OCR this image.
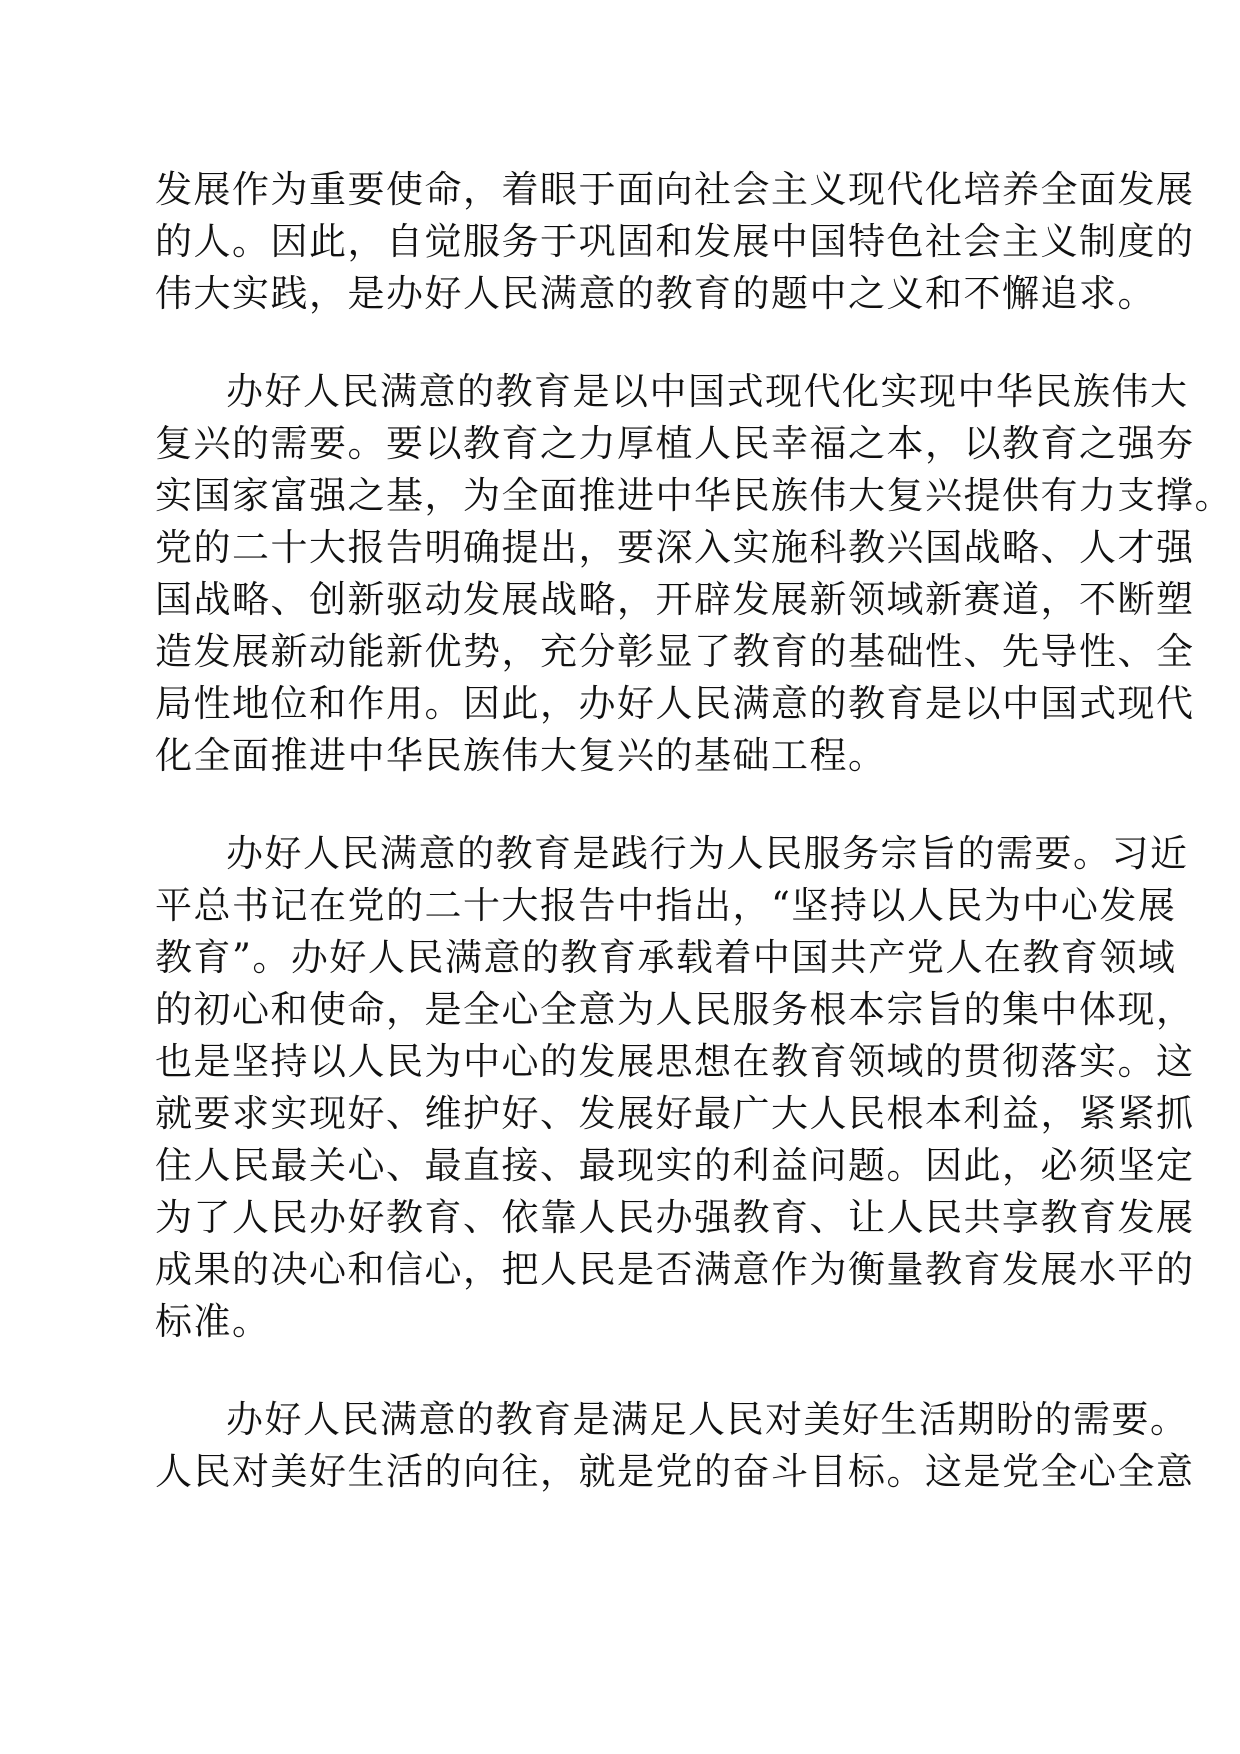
发展作为重要使命，着眼于面向社会主义现代化培养全面发展
的人。因此，自觉服务于巩固和发展中国特色社会主义制度的
伟大实践，是办好人民满意的教育的题中之义和不懈追求。
办好人民满意的教育是以中国式现代化实现中华民族伟大
复兴的需要。要以教育之力厚植人民幸福之本，以教育之强夯
实国家富强之基，为全面推进中华民族伟大复兴提供有力支撑。
党的二十大报告明确提出，要深入实施科教兴国战略、人才强
国战略、创新驱动发展战略，开辟发展新领域新赛道，不断塑
造发展新动能新优势，充分彰显了教育的基础性、先导性、全
局性地位和作用。因此，办好人民满意的教育是以中国式现代
化全面推进中华民族伟大复兴的基础工程。
办好人民满意的教育是践行为人民服务宗旨的需要。习近
平总书记在党的二十大报告中指出，“坚持以人民为中心发展
教育”。办好人民满意的教育承载着中国共产党人在教育领域
的初心和使命，是全心全意为人民服务根本宗旨的集中体现，
也是坚持以人民为中心的发展思想在教育领域的贯彻落实。这
就要求实现好、维护好、发展好最广大人民根本利益，紧紧抓
住人民最关心、最直接、最现实的利益问题。因此，必须坚定
为了人民办好教育、依靠人民办强教育、让人民共享教育发展
成果的决心和信心，把人民是否满意作为衡量教育发展水平的
标准。
办好人民满意的教育是满足人民对美好生活期盼的需要。
人民对美好生活的向往，就是党的奋斗目标。这是党全心全意
